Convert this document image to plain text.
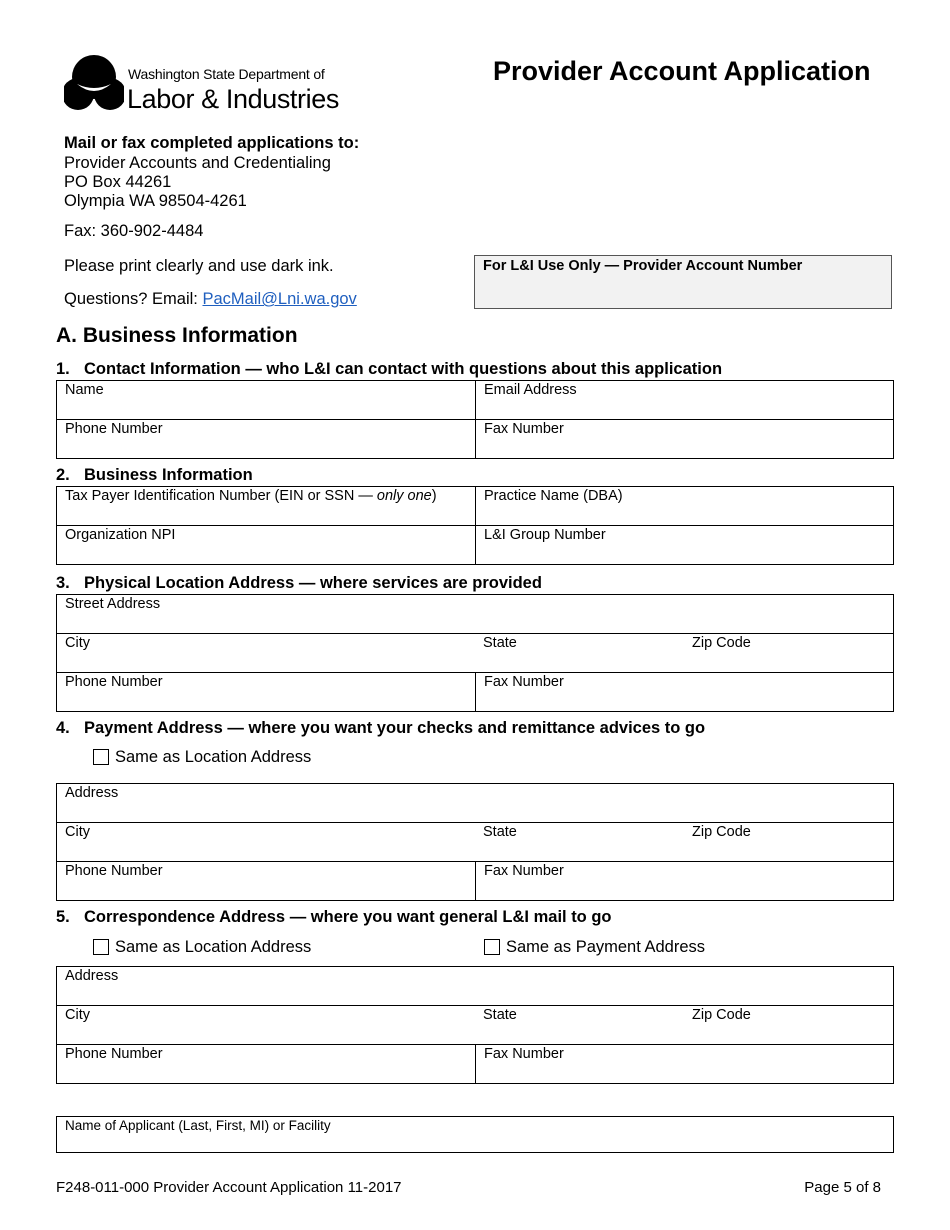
Washington State Department of
Labor & Industries
Provider Account Application
Mail or fax completed applications to:
Provider Accounts and Credentialing
PO Box 44261
Olympia WA 98504-4261
Fax: 360-902-4484
Please print clearly and use dark ink.
Questions? Email: PacMail@Lni.wa.gov
For L&I Use Only — Provider Account Number
A. Business Information
1. Contact Information — who L&I can contact with questions about this application
Name	Email Address
Phone Number	Fax Number
2. Business Information
Tax Payer Identification Number (EIN or SSN — only one)	Practice Name (DBA)
Organization NPI	L&I Group Number
3. Physical Location Address — where services are provided
Street Address
City	State	Zip Code
Phone Number	Fax Number
4. Payment Address — where you want your checks and remittance advices to go
Same as Location Address
Address
City	State	Zip Code
Phone Number	Fax Number
5. Correspondence Address — where you want general L&I mail to go
Same as Location Address	Same as Payment Address
Address
City	State	Zip Code
Phone Number	Fax Number
Name of Applicant (Last, First, MI) or Facility
F248-011-000 Provider Account Application 11-2017	Page 5 of 8
